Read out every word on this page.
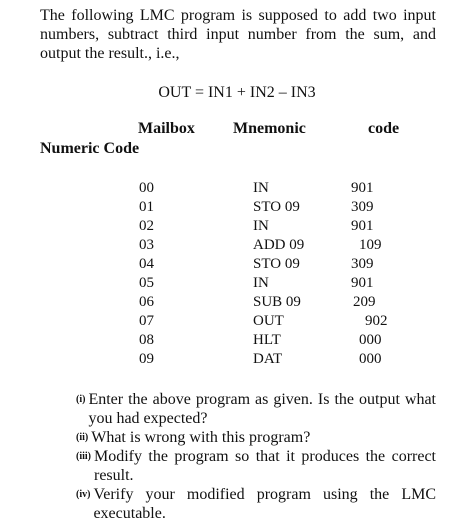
The following LMC program is supposed to add two input numbers, subtract third input number from the sum, and output the result., i.e.,
OUT = IN1 + IN2 – IN3
Mailbox Mnemonic	code
Numeric Code
00
01
02
03
04
05
06
07
08
09
IN
STO 09
IN
ADD 09
STO 09
IN
SUB 09
OUT
HLT
DAT
901
309
901
109
309
901
209
902
000
000
(i) Enter the above program as given. Is the output what you had expected?
(ii) What is wrong with this program?
(iii) Modify the program so that it produces the correct result.
(iv) Verify your modified program using the LMC executable.
